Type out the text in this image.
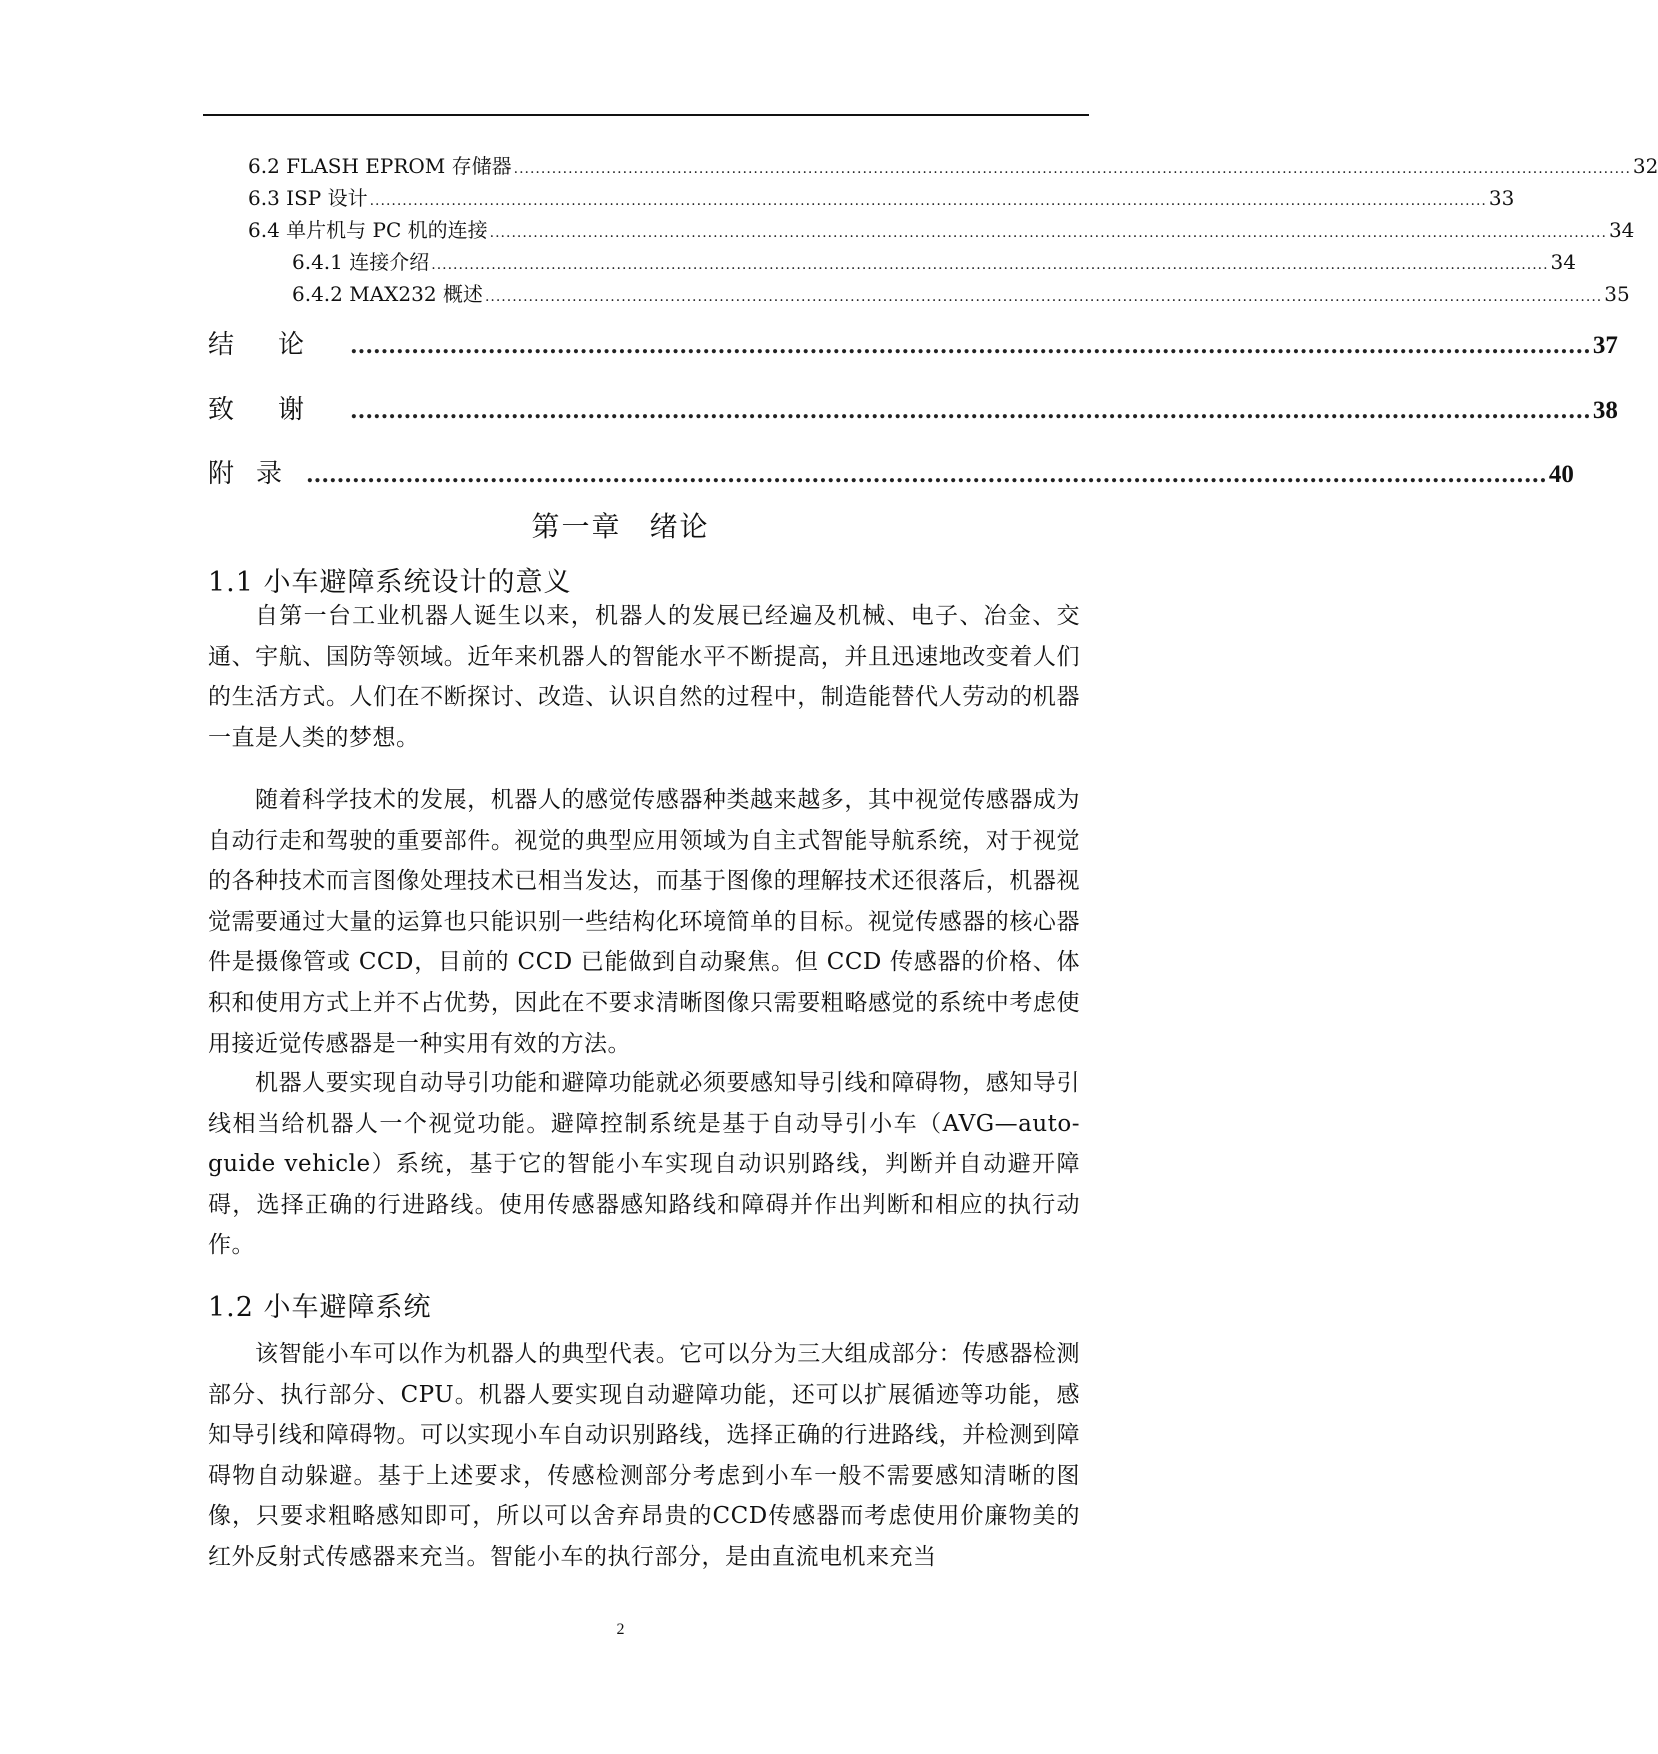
6.2 FLASH EPROM 存储器 ............................................................................................................................................................................................................. 32
6.3 ISP 设计 ............................................................................................................................................................................................................. 33
6.4 单片机与 PC 机的连接 ............................................................................................................................................................................................................. 34
6.4.1 连接介绍 ............................................................................................................................................................................................................. 34
6.4.2 MAX232 概述 ............................................................................................................................................................................................................. 35
结论 .................................................................................................................................................................. 37
致谢 .................................................................................................................................................................. 38
附录 .................................................................................................................................................................. 40
第一章 绪论
1.1 小车避障系统设计的意义

自第一台工业机器人诞生以来，机器人的发展已经遍及机械、电子、冶金、交通、宇航、国防等领域。近年来机器人的智能水平不断提高，并且迅速地改变着人们的生活方式。人们在不断探讨、改造、认识自然的过程中，制造能替代人劳动的机器一直是人类的梦想。

随着科学技术的发展，机器人的感觉传感器种类越来越多，其中视觉传感器成为自动行走和驾驶的重要部件。视觉的典型应用领域为自主式智能导航系统，对于视觉的各种技术而言图像处理技术已相当发达，而基于图像的理解技术还很落后，机器视觉需要通过大量的运算也只能识别一些结构化环境简单的目标。视觉传感器的核心器件是摄像管或 CCD，目前的 CCD 已能做到自动聚焦。但 CCD 传感器的价格、体积和使用方式上并不占优势，因此在不要求清晰图像只需要粗略感觉的系统中考虑使用接近觉传感器是一种实用有效的方法。

机器人要实现自动导引功能和避障功能就必须要感知导引线和障碍物，感知导引线相当给机器人一个视觉功能。避障控制系统是基于自动导引小车（AVG—auto-guide vehicle）系统，基于它的智能小车实现自动识别路线，判断并自动避开障碍，选择正确的行进路线。使用传感器感知路线和障碍并作出判断和相应的执行动作。

1.2 小车避障系统

该智能小车可以作为机器人的典型代表。它可以分为三大组成部分：传感器检测部分、执行部分、CPU。机器人要实现自动避障功能，还可以扩展循迹等功能，感知导引线和障碍物。可以实现小车自动识别路线，选择正确的行进路线，并检测到障碍物自动躲避。基于上述要求，传感检测部分考虑到小车一般不需要感知清晰的图像，只要求粗略感知即可，所以可以舍弃昂贵的CCD传感器而考虑使用价廉物美的红外反射式传感器来充当。智能小车的执行部分，是由直流电机来充当

2
